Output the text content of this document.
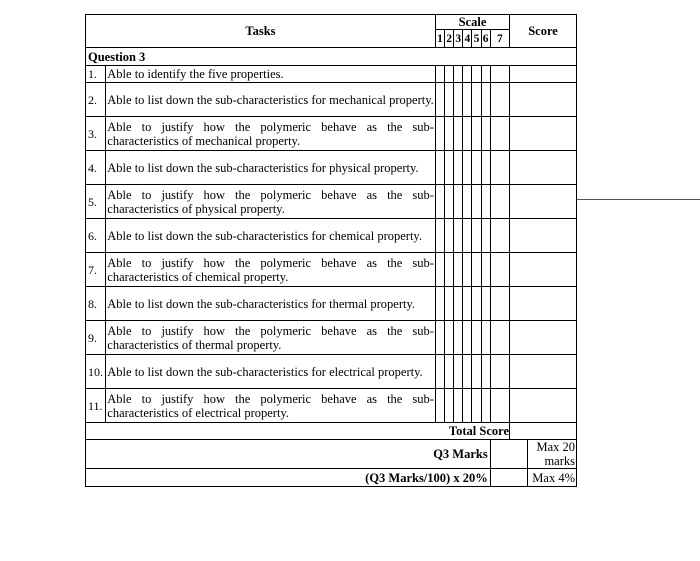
Tasks		Scale							Score	
		1	2	3	4	5	6	7		
Question 3										
1.	Able to identify the five properties.									
2.	Able to list down the sub-characteristics for mechanical property.									
3.	Able to justify how the polymeric behave as the sub-characteristics of mechanical property.									
4.	Able to list down the sub-characteristics for physical property.									
5.	Able to justify how the polymeric behave as the sub-characteristics of physical property.									
6.	Able to list down the sub-characteristics for chemical property.									
7.	Able to justify how the polymeric behave as the sub-characteristics of chemical property.									
8.	Able to list down the sub-characteristics for thermal property.									
9.	Able to justify how the polymeric behave as the sub-characteristics of thermal property.									
10.	Able to list down the sub-characteristics for electrical property.									
11.	Able to justify how the polymeric behave as the sub-characteristics of electrical property.									
Total Score										
Q3 Marks										Max 20 marks
(Q3 Marks/100) x 20%										Max 4%
